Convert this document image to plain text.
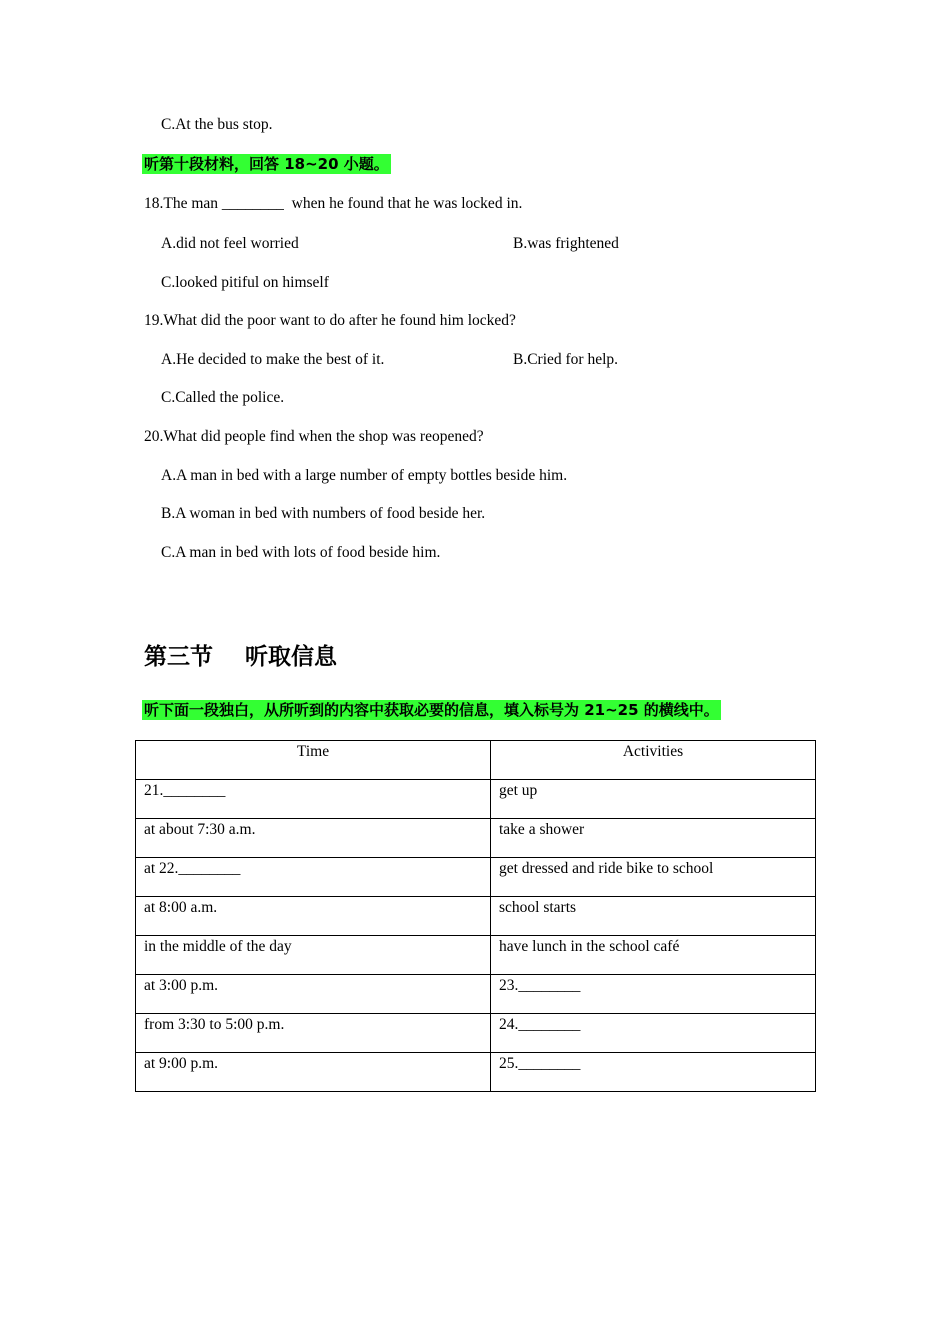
C.At the bus stop.
听第十段材料，回答 18~20 小题。
18.The man ________  when he found that he was locked in.
A.did not feel worried	B.was frightened
C.looked pitiful on himself
19.What did the poor want to do after he found him locked?
A.He decided to make the best of it.	B.Cried for help.
C.Called the police.
20.What did people find when the shop was reopened?
A.A man in bed with a large number of empty bottles beside him.
B.A woman in bed with numbers of food beside her.
C.A man in bed with lots of food beside him.
第三节    听取信息
听下面一段独白，从所听到的内容中获取必要的信息，填入标号为 21~25 的横线中。
Time	Activities

21.________	get up

at about 7:30 a.m.	take a shower

at 22.________	get dressed and ride bike to school

at 8:00 a.m.	school starts

in the middle of the day	have lunch in the school café

at 3:00 p.m.	23.________

from 3:30 to 5:00 p.m.	24.________

at 9:00 p.m.	25.________
